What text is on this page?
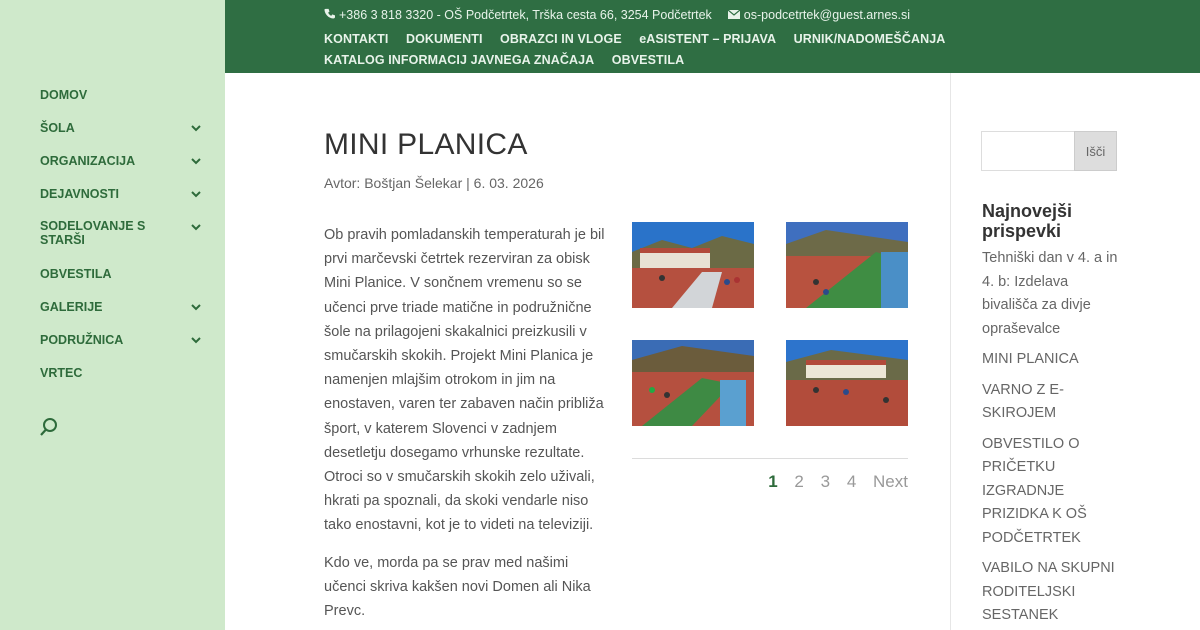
DOMOV
ŠOLA
ORGANIZACIJA
DEJAVNOSTI
SODELOVANJE S STARŠI
OBVESTILA
GALERIJE
PODRUŽNICA
VRTEC
+386 3 818 3320 - OŠ Podčetrtek, Trška cesta 66, 3254 Podčetrtek	os-podcetrtek@guest.arnes.si
KONTAKTI DOKUMENTI OBRAZCI IN VLOGE eASISTENT – PRIJAVA URNIK/NADOMEŠČANJA KATALOG INFORMACIJ JAVNEGA ZNAČAJA OBVESTILA
MINI PLANICA
Avtor: Boštjan Šelekar | 6. 03. 2026

Ob pravih pomladanskih temperaturah je bil prvi marčevski četrtek rezerviran za obisk Mini Planice. V sončnem vremenu so se učenci prve triade matične in podružnične šole na prilagojeni skakalnici preizkusili v smučarskih skokih. Projekt Mini Planica je namenjen mlajšim otrokom in jim na enostaven, varen ter zabaven način približa šport, v katerem Slovenci v zadnjem desetletju dosegamo vrhunske rezultate. Otroci so v smučarskih skokih zelo uživali, hkrati pa spoznali, da skoki vendarle niso tako enostavni, kot je to videti na televiziji.

Kdo ve, morda pa se prav med našimi učenci skriva kakšen novi Domen ali Nika Prevc.

1 2 3 4 Next
Išči
Najnovejši prispevki
Tehniški dan v 4. a in 4. b: Izdelava bivališča za divje opraševalce
MINI PLANICA
VARNO Z E-SKIROJEM
OBVESTILO O PRIČETKU IZGRADNJE PRIZIDKA K OŠ PODČETRTEK
VABILO NA SKUPNI RODITELJSKI SESTANEK
